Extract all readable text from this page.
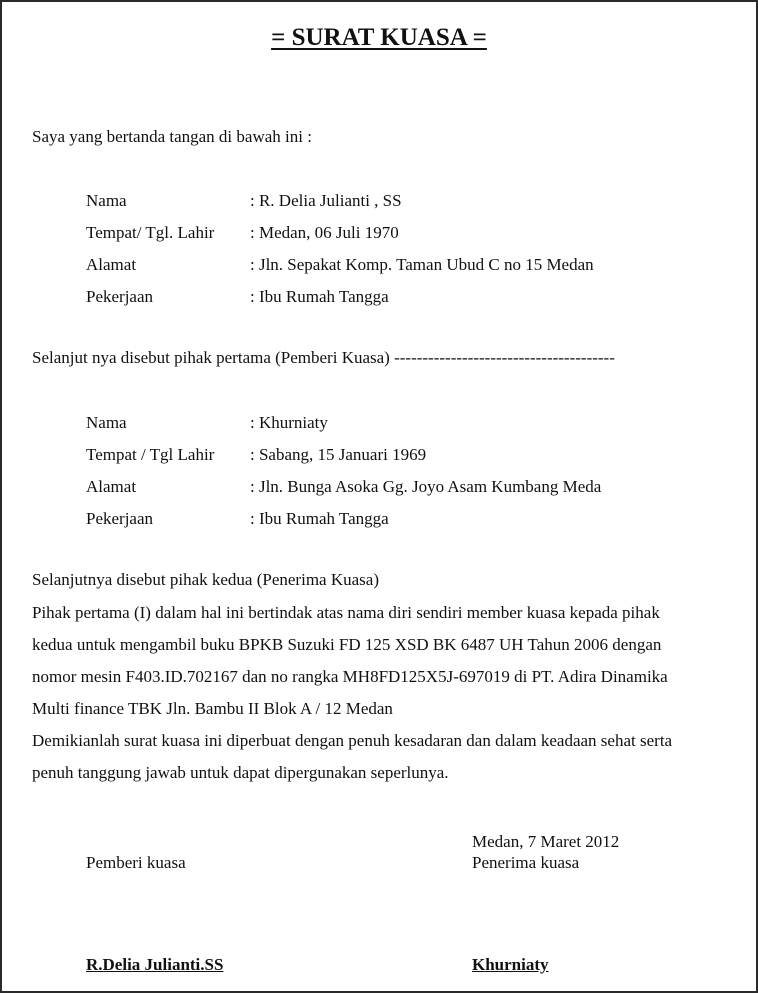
= SURAT KUASA =
Saya yang bertanda tangan di bawah ini :
Nama	: R. Delia Julianti , SS
Tempat/ Tgl. Lahir : Medan, 06 Juli 1970
Alamat	: Jln. Sepakat Komp. Taman Ubud C no 15 Medan
Pekerjaan	: Ibu Rumah Tangga
Selanjut nya disebut pihak pertama (Pemberi Kuasa) ---------------------------------------
Nama	: Khurniaty
Tempat / Tgl Lahir : Sabang, 15 Januari 1969
Alamat	: Jln. Bunga Asoka Gg. Joyo Asam Kumbang Meda
Pekerjaan	: Ibu Rumah Tangga
Selanjutnya disebut pihak kedua (Penerima Kuasa)
Pihak pertama (I) dalam hal ini bertindak atas nama diri sendiri member kuasa kepada pihak
kedua untuk mengambil buku BPKB Suzuki FD 125 XSD BK 6487 UH Tahun 2006 dengan
nomor mesin F403.ID.702167 dan no rangka MH8FD125X5J-697019 di PT. Adira Dinamika
Multi finance TBK Jln. Bambu II Blok A / 12 Medan
Demikianlah surat kuasa ini diperbuat dengan penuh kesadaran dan dalam keadaan sehat serta
penuh tanggung jawab untuk dapat dipergunakan seperlunya.
Medan, 7 Maret 2012
Pemberi kuasa	Penerima kuasa
R.Delia Julianti.SS	Khurniaty
